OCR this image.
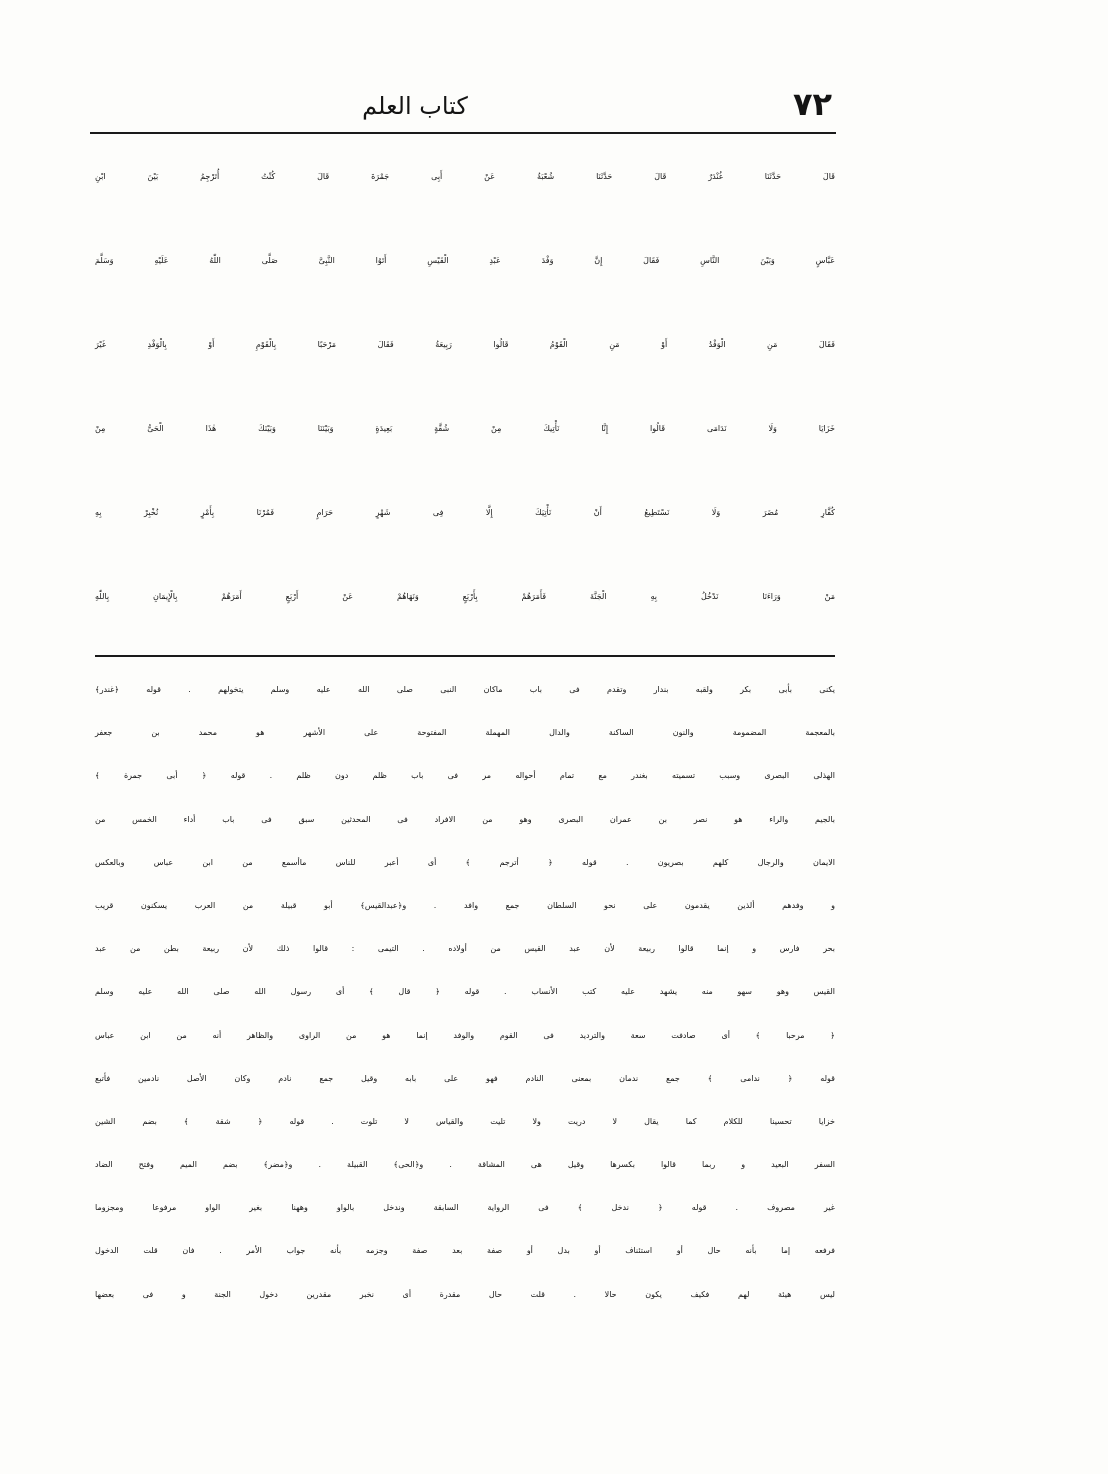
٧٢
كتاب العلم
قَالَ حَدَّثَنَا غُنْدَرٌ قَالَ حَدَّثَنَا شُعْبَةُ عَنْ أَبِى جَمْرَةَ قَالَ كُنْتُ أُتَرْجِمُ بَيْنَ ابْنِ
عَبَّاسٍ وَبَيْنَ النَّاسِ فَقَالَ إِنَّ وَفْدَ عَبْدِ الْقَيْسِ أَتَوُا النَّبِىَّ صَلَّى اللّٰهُ عَلَيْهِ وَسَلَّمَ
فَقَالَ مَنِ الْوَفْدُ أَوْ مَنِ الْقَوْمُ قَالُوا رَبِيعَةُ فَقَالَ مَرْحَبًا بِالْقَوْمِ أَوْ بِالْوَفْدِ غَيْرَ
خَزَايَا وَلَا نَدَامَى قَالُوا إِنَّا نَأْتِيكَ مِنْ شُقَّةٍ بَعِيدَةٍ وَبَيْنَنَا وَبَيْنَكَ هٰذَا الْحَىُّ مِنْ
كُفَّارِ مُضَرَ وَلَا نَسْتَطِيعُ أَنْ نَأْتِيَكَ إِلَّا فِى شَهْرٍ حَرَامٍ فَمُرْنَا بِأَمْرٍ نُخْبِرْ بِهِ
مَنْ وَرَاءَنَا نَدْخُلُ بِهِ الْجَنَّةَ فَأَمَرَهُمْ بِأَرْبَعٍ وَنَهَاهُمْ عَنْ أَرْبَعٍ أَمَرَهُمْ بِالْإِيمَانِ بِاللّٰهِ
يكنى بأبى بكر ولقبه بندار وتقدم فى باب ماكان النبى صلى الله عليه وسلم يتخولهم . قوله ﴿غندر﴾
بالمعجمة المضمومة والنون الساكنة والدال المهملة المفتوحة على الأشهر هو محمد بن جعفر
الهذلى البصرى وسبب تسميته بغندر مع تمام أحواله مر فى باب ظلم دون ظلم . قوله ﴿ أبى جمرة ﴾
بالجيم والراء هو نصر بن عمران البصرى وهو من الافراد فى المحدثين سبق فى باب أداء الخمس من
الايمان والرجال كلهم بصريون . قوله ﴿ أترجم ﴾ أى أعبر للناس ماأسمع من ابن عباس وبالعكس
و وفدهم ألذين يقدمون على نحو السلطان جمع وافد . و﴿عبدالقيس﴾ أبو قبيلة من العرب يسكنون قريب
بحر فارس و إنما قالوا ربيعة لأن عبد القيس من أولاده . التيمى : قالوا ذلك لأن ربيعة بطن من عبد
القيس وهو سهو منه يشهد عليه كتب الأنساب . قوله ﴿ قال ﴾ أى رسول الله صلى الله عليه وسلم
﴿ مرحبا ﴾ أى صادفت سعة والترديد فى القوم والوفد إنما هو من الراوى والظاهر أنه من ابن عباس
قوله ﴿ ندامى ﴾ جمع ندمان بمعنى النادم فهو على بابه وقيل جمع نادم وكان الأصل نادمين فأتبع
خزايا تحسينا للكلام كما يقال لا دريت ولا تليت والقياس لا تلوت . قوله ﴿ شقة ﴾ بضم الشين
السفر البعيد و ربما قالوا بكسرها وقيل هى المشاقة . و﴿الحى﴾ القبيلة . و﴿مضر﴾ بضم الميم وفتح الضاد
غير مصروف . قوله ﴿ ندخل ﴾ فى الرواية السابقة وندخل بالواو وههنا بغير الواو مرفوعا ومجزوما
فرفعه إما بأنه حال أو استئناف أو بدل أو صفة بعد صفة وجزمه بأنه جواب الأمر . فان قلت الدخول
ليس هيئة لهم فكيف يكون حالا . قلت حال مقدرة أى نخبر مقدرين دخول الجنة و فى بعضها
